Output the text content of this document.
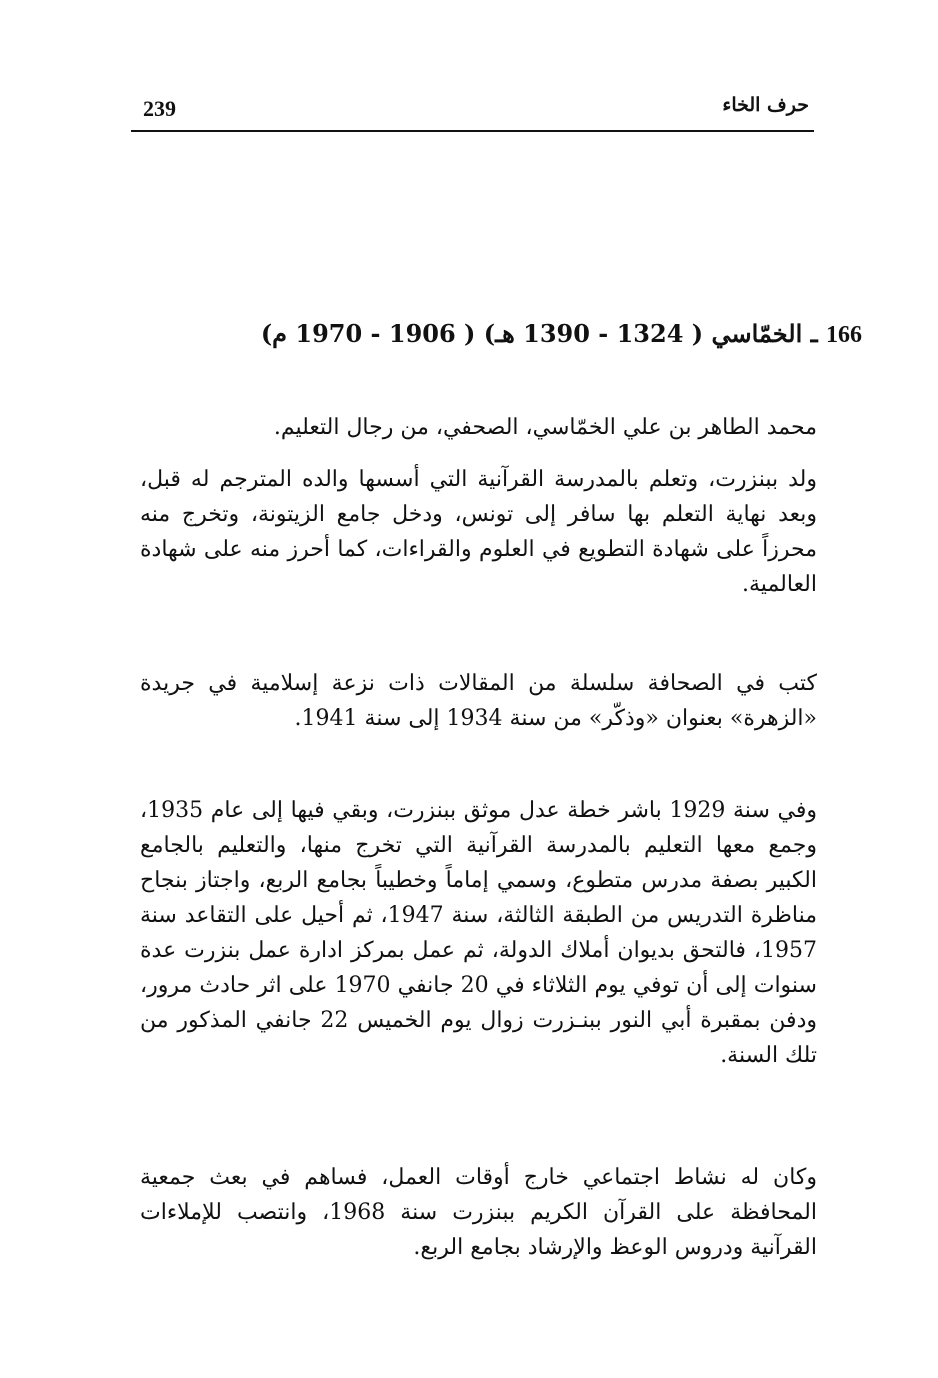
239	حرف الخاء
166 ـ الخمّاسي ( 1324 - 1390 هـ) ( 1906 - 1970 م)

محمد الطاهر بن علي الخمّاسي، الصحفي، من رجال التعليم.

ولد ببنزرت، وتعلم بالمدرسة القرآنية التي أسسها والده المترجم له قبل، وبعد نهاية التعلم بها سافر إلى تونس، ودخل جامع الزيتونة، وتخرج منه محرزاً على شهادة التطويع في العلوم والقراءات، كما أحرز منه على شهادة العالمية.

كتب في الصحافة سلسلة من المقالات ذات نزعة إسلامية في جريدة «الزهرة» بعنوان «وذكّر» من سنة 1934 إلى سنة 1941.

وفي سنة 1929 باشر خطة عدل موثق ببنزرت، وبقي فيها إلى عام 1935، وجمع معها التعليم بالمدرسة القرآنية التي تخرج منها، والتعليم بالجامع الكبير بصفة مدرس متطوع، وسمي إماماً وخطيباً بجامع الربع، واجتاز بنجاح مناظرة التدريس من الطبقة الثالثة، سنة 1947، ثم أحيل على التقاعد سنة 1957، فالتحق بديوان أملاك الدولة، ثم عمل بمركز ادارة عمل بنزرت عدة سنوات إلى أن توفي يوم الثلاثاء في 20 جانفي 1970 على اثر حادث مرور، ودفن بمقبرة أبي النور ببنـزرت زوال يوم الخميس 22 جانفي المذكور من تلك السنة.

وكان له نشاط اجتماعي خارج أوقات العمل، فساهم في بعث جمعية المحافظة على القرآن الكريم ببنزرت سنة 1968، وانتصب للإملاءات القرآنية ودروس الوعظ والإرشاد بجامع الربع.
